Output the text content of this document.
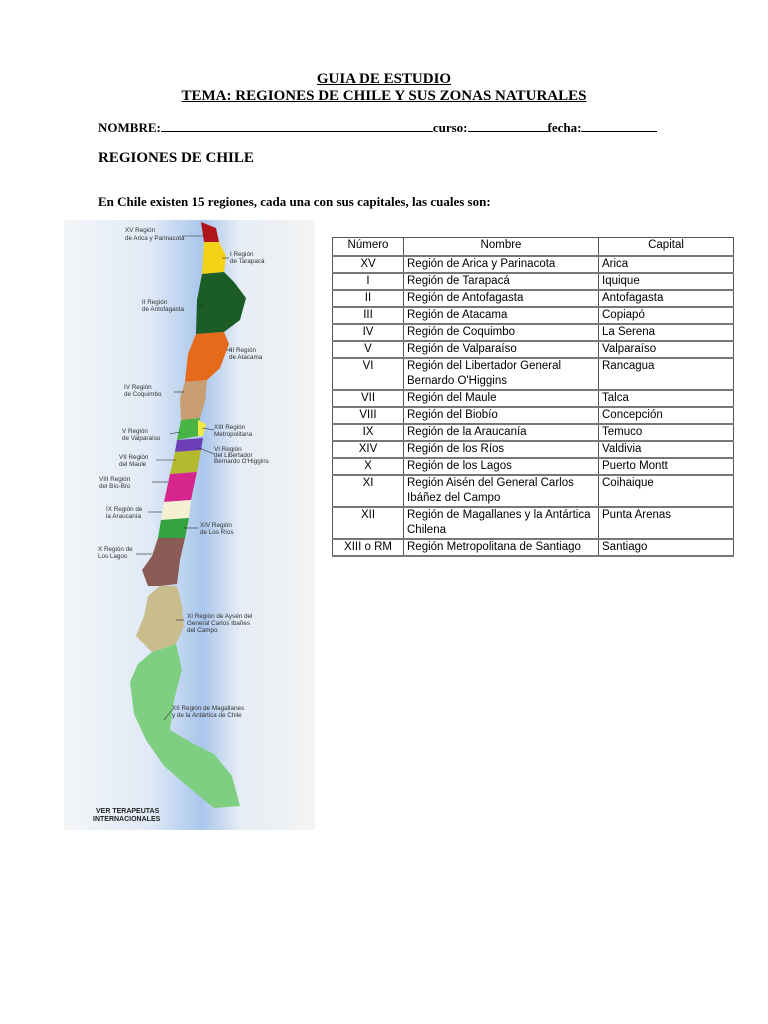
GUIA DE ESTUDIO
TEMA: REGIONES DE CHILE Y SUS ZONAS NATURALES
NOMBRE:	curso:	fecha:
REGIONES DE CHILE
En Chile existen 15 regiones, cada una con sus capitales, las cuales son:
XV Región
de Arica y Parinacota
I Región
de Tarapacá
II Región
de Antofagasta
III Región
de Atacama
IV Región
de Coquimbo
XIII Región
Metropolitana
V Región
de Valparaíso
VI Región
del Libertador
Bernardo O'Higgins
VII Región
del Maule
VIII Región
del Bío-Bío
IX Región de
la Araucanía
XIV Región
de Los Ríos
X Región de
Los Lagos
XI Región de Aysén del
General Carlos Ibañes
del Campo
XII Región de Magallanes
y de la Antártica de Chile
VER TERAPEUTAS
INTERNACIONALES
Número	Nombre	Capital
XV	Región de Arica y Parinacota	Arica
I	Región de Tarapacá	Iquique
II	Región de Antofagasta	Antofagasta
III	Región de Atacama	Copiapó
IV	Región de Coquimbo	La Serena
V	Región de Valparaíso	Valparaíso
VI	Región del Libertador General Bernardo O'Higgins	Rancagua
VII	Región del Maule	Talca
VIII	Región del Biobío	Concepción
IX	Región de la Araucanía	Temuco
XIV	Región de los Ríos	Valdivia
X	Región de los Lagos	Puerto Montt
XI	Región Aisén del General Carlos Ibáñez del Campo	Coihaique
XII	Región de Magallanes y la Antártica Chilena	Punta Arenas
XIII o RM	Región Metropolitana de Santiago	Santiago
